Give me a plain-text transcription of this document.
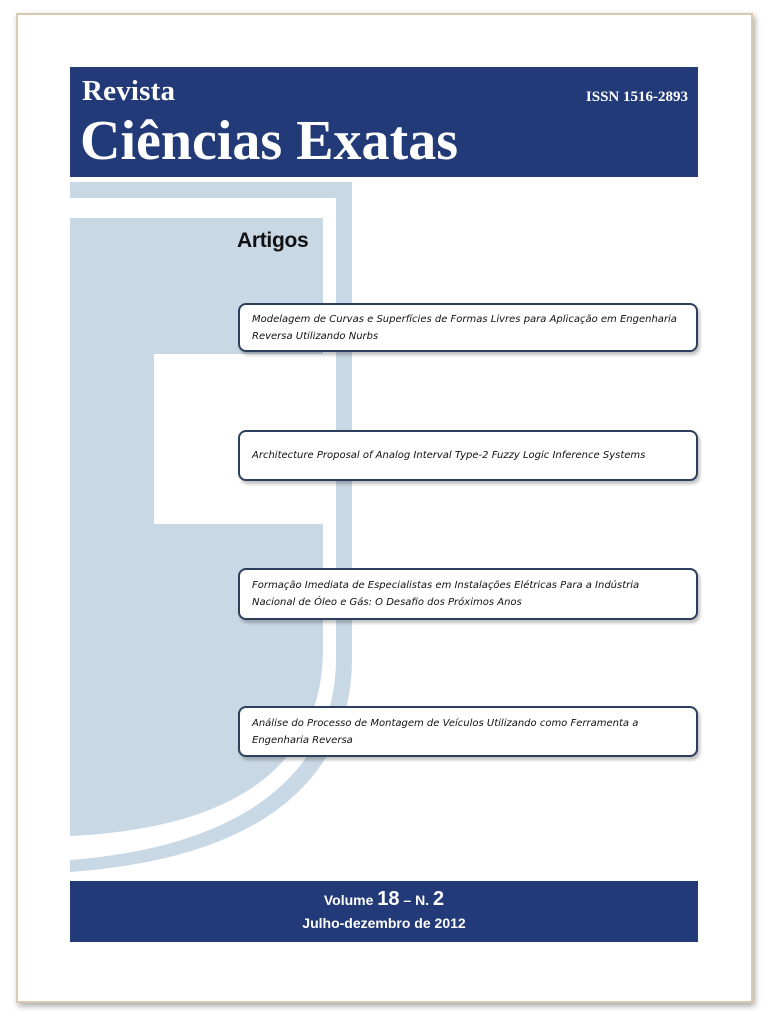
Revista
Ciências Exatas
ISSN 1516-2893
Artigos
Modelagem de Curvas e Superfícies de Formas Livres para Aplicação em Engenharia Reversa Utilizando Nurbs
Architecture Proposal of Analog Interval Type-2 Fuzzy Logic Inference Systems
Formação Imediata de Especialistas em Instalações Elétricas Para a Indústria Nacional de Óleo e Gás: O Desafio dos Próximos Anos
Análise do Processo de Montagem de Veículos Utilizando como Ferramenta a Engenharia Reversa
Volume 18 – N. 2
Julho-dezembro de 2012
